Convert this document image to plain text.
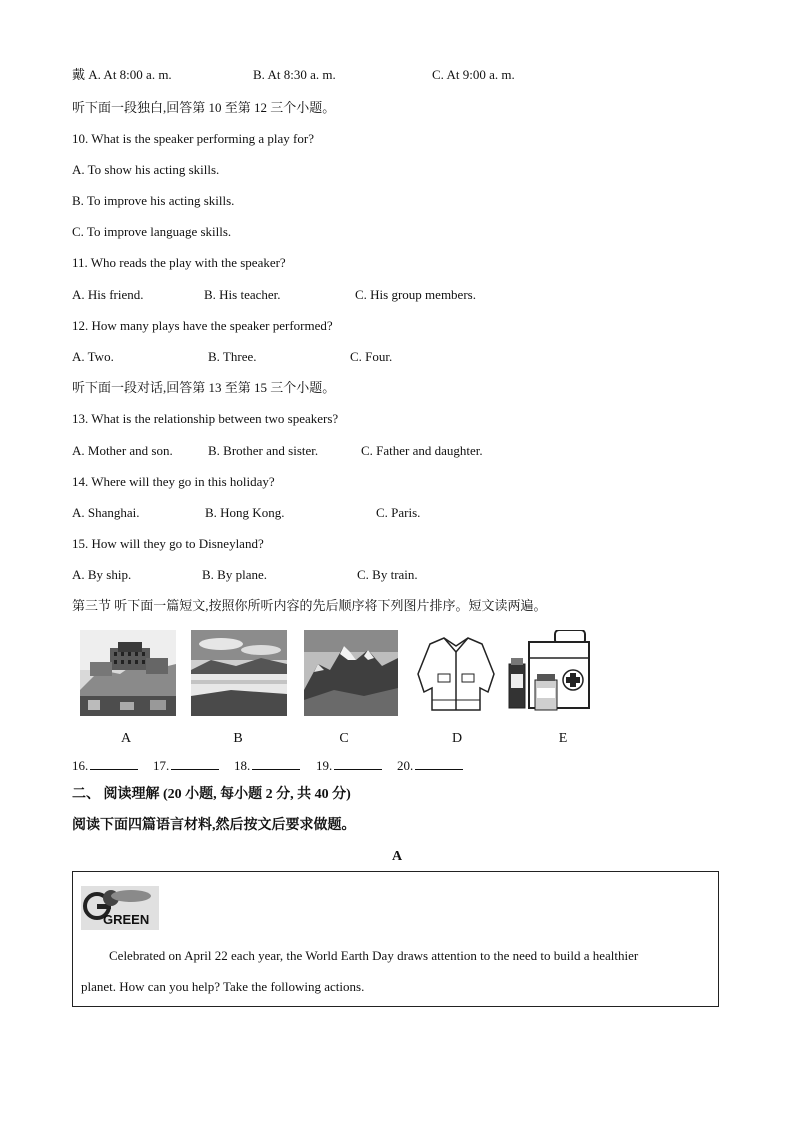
戴 A. At 8:00 a. m.	B. At 8:30 a. m.	C. At 9:00 a. m.
听下面一段独白,回答第 10 至第 12 三个小题。
10. What is the speaker performing a play for?
A. To show his acting skills.
B. To improve his acting skills.
C. To improve language skills.
11. Who reads the play with the speaker?
A. His friend.	B. His teacher.	C. His group members.
12. How many plays have the speaker performed?
A. Two.	B. Three.	C. Four.
听下面一段对话,回答第 13 至第 15 三个小题。
13. What is the relationship between two speakers?
A. Mother and son.	B. Brother and sister.	C. Father and daughter.
14. Where will they go in this holiday?
A. Shanghai.	B. Hong Kong.	C. Paris.
15. How will they go to Disneyland?
A. By ship.	B. By plane.	C. By train.
第三节 听下面一篇短文,按照你所听内容的先后顺序将下列图片排序。短文读两遍。
A	B	C	D	E
16.	17.	18.	19.	20.
二、 阅读理解 (20 小题, 每小题 2 分, 共 40 分)
阅读下面四篇语言材料,然后按文后要求做题。
A
GREEN
Celebrated on April 22 each year, the World Earth Day draws attention to the need to build a healthier
planet. How can you help? Take the following actions.
